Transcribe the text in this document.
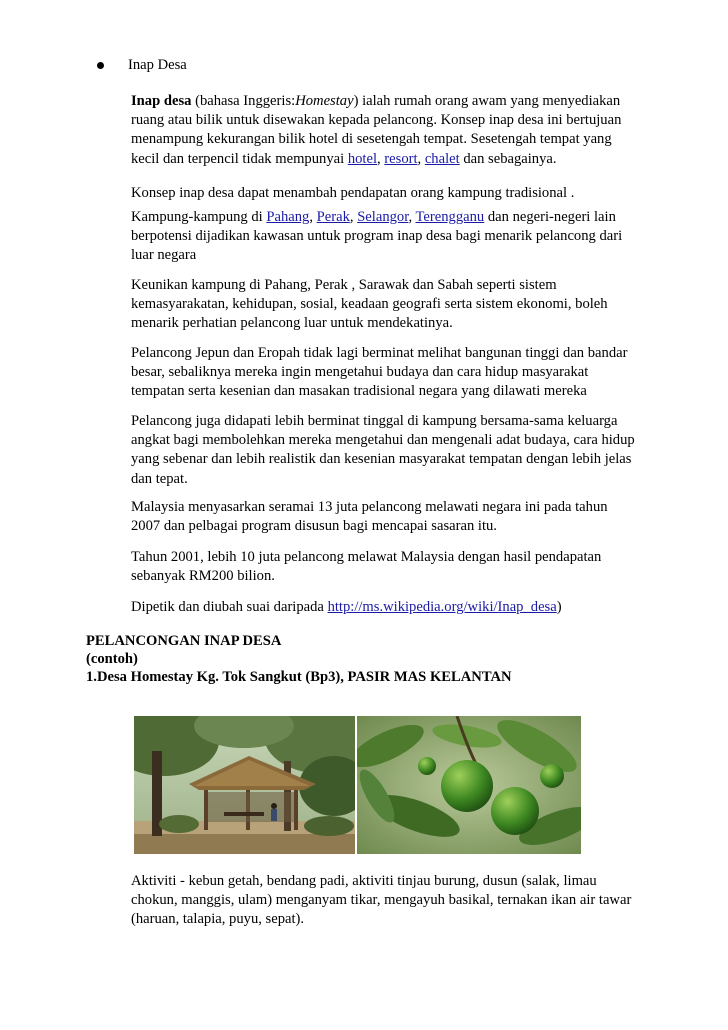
Inap Desa
Inap desa (bahasa Inggeris:Homestay) ialah rumah orang awam yang menyediakan
ruang atau bilik untuk disewakan kepada pelancong. Konsep inap desa ini bertujuan
menampung kekurangan bilik hotel di sesetengah tempat. Sesetengah tempat yang
kecil dan terpencil tidak mempunyai hotel, resort, chalet dan sebagainya.
Konsep inap desa dapat menambah pendapatan orang kampung tradisional .
Kampung-kampung di Pahang, Perak, Selangor, Terengganu dan negeri-negeri lain
berpotensi dijadikan kawasan untuk program inap desa bagi menarik pelancong dari
luar negara
Keunikan kampung di Pahang, Perak , Sarawak dan Sabah seperti sistem
kemasyarakatan, kehidupan, sosial, keadaan geografi serta sistem ekonomi, boleh
menarik perhatian pelancong luar untuk mendekatinya.
Pelancong Jepun dan Eropah tidak lagi berminat melihat bangunan tinggi dan bandar
besar, sebaliknya mereka ingin mengetahui budaya dan cara hidup masyarakat
tempatan serta kesenian dan masakan tradisional negara yang dilawati mereka
Pelancong juga didapati lebih berminat tinggal di kampung bersama-sama keluarga
angkat bagi membolehkan mereka mengetahui dan mengenali adat budaya, cara hidup
yang sebenar dan lebih realistik dan kesenian masyarakat tempatan dengan lebih jelas
dan tepat.
Malaysia menyasarkan seramai 13 juta pelancong melawati negara ini pada tahun
2007 dan pelbagai program disusun bagi mencapai sasaran itu.
Tahun 2001, lebih 10 juta pelancong melawat Malaysia dengan hasil pendapatan
sebanyak RM200 bilion.
Dipetik dan diubah suai daripada http://ms.wikipedia.org/wiki/Inap_desa)
PELANCONGAN INAP DESA
(contoh)
1.Desa Homestay Kg. Tok Sangkut (Bp3), PASIR MAS KELANTAN
Aktiviti - kebun getah, bendang padi, aktiviti tinjau burung, dusun (salak, limau
chokun, manggis, ulam) menganyam tikar, mengayuh basikal, ternakan ikan air tawar
(haruan, talapia, puyu, sepat).
